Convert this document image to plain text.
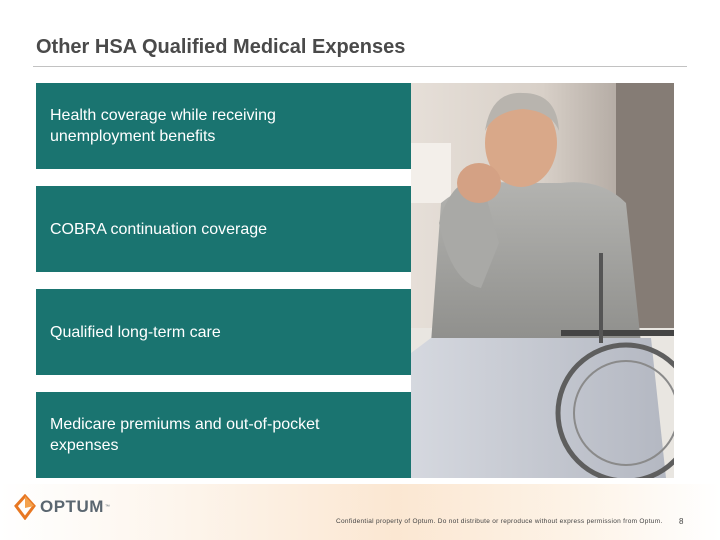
Other HSA Qualified Medical Expenses
Health coverage while receiving unemployment benefits
COBRA continuation coverage
Qualified long-term care
Medicare premiums and out-of-pocket expenses
OPTUM ™
Confidential property of Optum. Do not distribute or reproduce without express permission from Optum. 8
